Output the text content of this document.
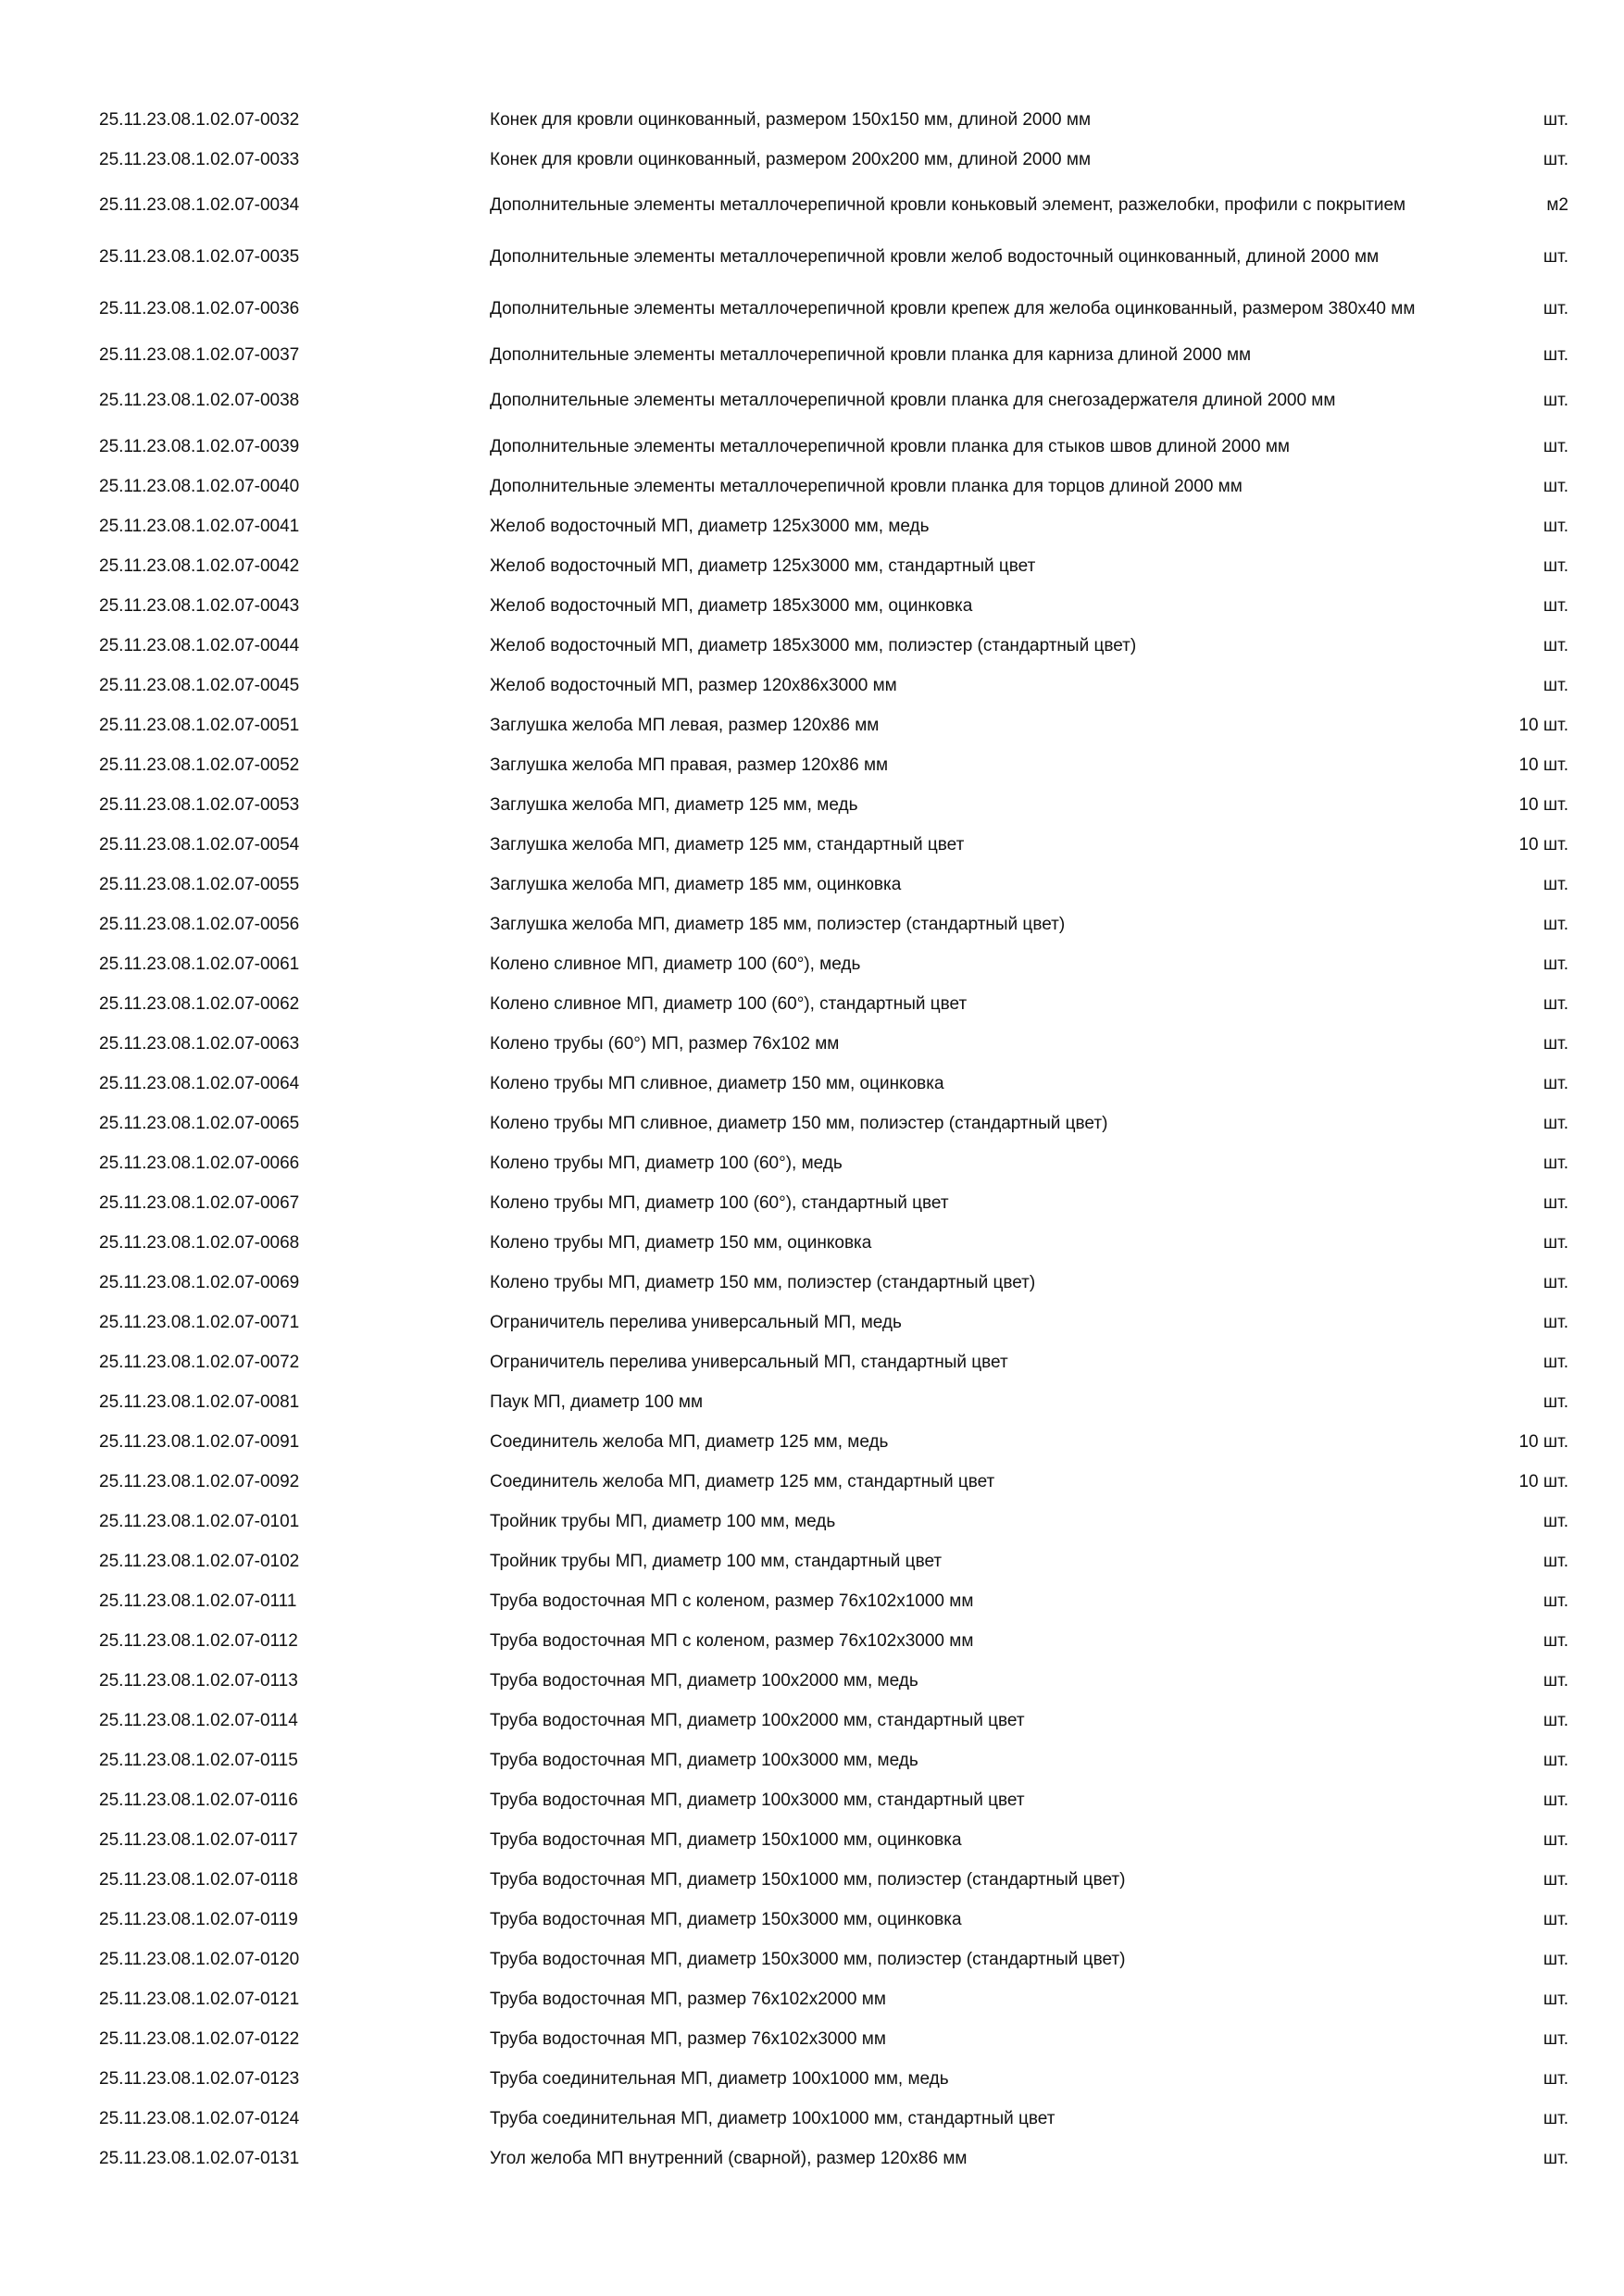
25.11.23.08.1.02.07-0032	Конек для кровли оцинкованный, размером 150x150 мм, длиной 2000 мм	шт.
25.11.23.08.1.02.07-0033	Конек для кровли оцинкованный, размером 200x200 мм, длиной 2000 мм	шт.
25.11.23.08.1.02.07-0034	Дополнительные элементы металлочерепичной кровли коньковый элемент, разжелобки, профили с покрытием	м2
25.11.23.08.1.02.07-0035	Дополнительные элементы металлочерепичной кровли желоб водосточный оцинкованный, длиной 2000 мм	шт.
25.11.23.08.1.02.07-0036	Дополнительные элементы металлочерепичной кровли крепеж для желоба оцинкованный, размером 380x40 мм	шт.
25.11.23.08.1.02.07-0037	Дополнительные элементы металлочерепичной кровли планка для карниза длиной 2000 мм	шт.
25.11.23.08.1.02.07-0038	Дополнительные элементы металлочерепичной кровли планка для снегозадержателя длиной 2000 мм	шт.
25.11.23.08.1.02.07-0039	Дополнительные элементы металлочерепичной кровли планка для стыков швов длиной 2000 мм	шт.
25.11.23.08.1.02.07-0040	Дополнительные элементы металлочерепичной кровли планка для торцов длиной 2000 мм	шт.
25.11.23.08.1.02.07-0041	Желоб водосточный МП, диаметр 125x3000 мм, медь	шт.
25.11.23.08.1.02.07-0042	Желоб водосточный МП, диаметр 125x3000 мм, стандартный цвет	шт.
25.11.23.08.1.02.07-0043	Желоб водосточный МП, диаметр 185x3000 мм, оцинковка	шт.
25.11.23.08.1.02.07-0044	Желоб водосточный МП, диаметр 185x3000 мм, полиэстер (стандартный цвет)	шт.
25.11.23.08.1.02.07-0045	Желоб водосточный МП, размер 120x86x3000 мм	шт.
25.11.23.08.1.02.07-0051	Заглушка желоба МП левая, размер 120x86 мм	10 шт.
25.11.23.08.1.02.07-0052	Заглушка желоба МП правая, размер 120x86 мм	10 шт.
25.11.23.08.1.02.07-0053	Заглушка желоба МП, диаметр 125 мм, медь	10 шт.
25.11.23.08.1.02.07-0054	Заглушка желоба МП, диаметр 125 мм, стандартный цвет	10 шт.
25.11.23.08.1.02.07-0055	Заглушка желоба МП, диаметр 185 мм, оцинковка	шт.
25.11.23.08.1.02.07-0056	Заглушка желоба МП, диаметр 185 мм, полиэстер (стандартный цвет)	шт.
25.11.23.08.1.02.07-0061	Колено сливное МП, диаметр 100 (60°), медь	шт.
25.11.23.08.1.02.07-0062	Колено сливное МП, диаметр 100 (60°), стандартный цвет	шт.
25.11.23.08.1.02.07-0063	Колено трубы (60°) МП, размер 76x102 мм	шт.
25.11.23.08.1.02.07-0064	Колено трубы МП сливное, диаметр 150 мм, оцинковка	шт.
25.11.23.08.1.02.07-0065	Колено трубы МП сливное, диаметр 150 мм, полиэстер (стандартный цвет)	шт.
25.11.23.08.1.02.07-0066	Колено трубы МП, диаметр 100 (60°), медь	шт.
25.11.23.08.1.02.07-0067	Колено трубы МП, диаметр 100 (60°), стандартный цвет	шт.
25.11.23.08.1.02.07-0068	Колено трубы МП, диаметр 150 мм, оцинковка	шт.
25.11.23.08.1.02.07-0069	Колено трубы МП, диаметр 150 мм, полиэстер (стандартный цвет)	шт.
25.11.23.08.1.02.07-0071	Ограничитель перелива универсальный МП, медь	шт.
25.11.23.08.1.02.07-0072	Ограничитель перелива универсальный МП, стандартный цвет	шт.
25.11.23.08.1.02.07-0081	Паук МП, диаметр 100 мм	шт.
25.11.23.08.1.02.07-0091	Соединитель желоба МП, диаметр 125 мм, медь	10 шт.
25.11.23.08.1.02.07-0092	Соединитель желоба МП, диаметр 125 мм, стандартный цвет	10 шт.
25.11.23.08.1.02.07-0101	Тройник трубы МП, диаметр 100 мм, медь	шт.
25.11.23.08.1.02.07-0102	Тройник трубы МП, диаметр 100 мм, стандартный цвет	шт.
25.11.23.08.1.02.07-0111	Труба водосточная МП с коленом, размер 76x102x1000 мм	шт.
25.11.23.08.1.02.07-0112	Труба водосточная МП с коленом, размер 76x102x3000 мм	шт.
25.11.23.08.1.02.07-0113	Труба водосточная МП, диаметр 100x2000 мм, медь	шт.
25.11.23.08.1.02.07-0114	Труба водосточная МП, диаметр 100x2000 мм, стандартный цвет	шт.
25.11.23.08.1.02.07-0115	Труба водосточная МП, диаметр 100x3000 мм, медь	шт.
25.11.23.08.1.02.07-0116	Труба водосточная МП, диаметр 100x3000 мм, стандартный цвет	шт.
25.11.23.08.1.02.07-0117	Труба водосточная МП, диаметр 150x1000 мм, оцинковка	шт.
25.11.23.08.1.02.07-0118	Труба водосточная МП, диаметр 150x1000 мм, полиэстер (стандартный цвет)	шт.
25.11.23.08.1.02.07-0119	Труба водосточная МП, диаметр 150x3000 мм, оцинковка	шт.
25.11.23.08.1.02.07-0120	Труба водосточная МП, диаметр 150x3000 мм, полиэстер (стандартный цвет)	шт.
25.11.23.08.1.02.07-0121	Труба водосточная МП, размер 76x102x2000 мм	шт.
25.11.23.08.1.02.07-0122	Труба водосточная МП, размер 76x102x3000 мм	шт.
25.11.23.08.1.02.07-0123	Труба соединительная МП, диаметр 100x1000 мм, медь	шт.
25.11.23.08.1.02.07-0124	Труба соединительная МП, диаметр 100x1000 мм, стандартный цвет	шт.
25.11.23.08.1.02.07-0131	Угол желоба МП внутренний (сварной), размер 120x86 мм	шт.
